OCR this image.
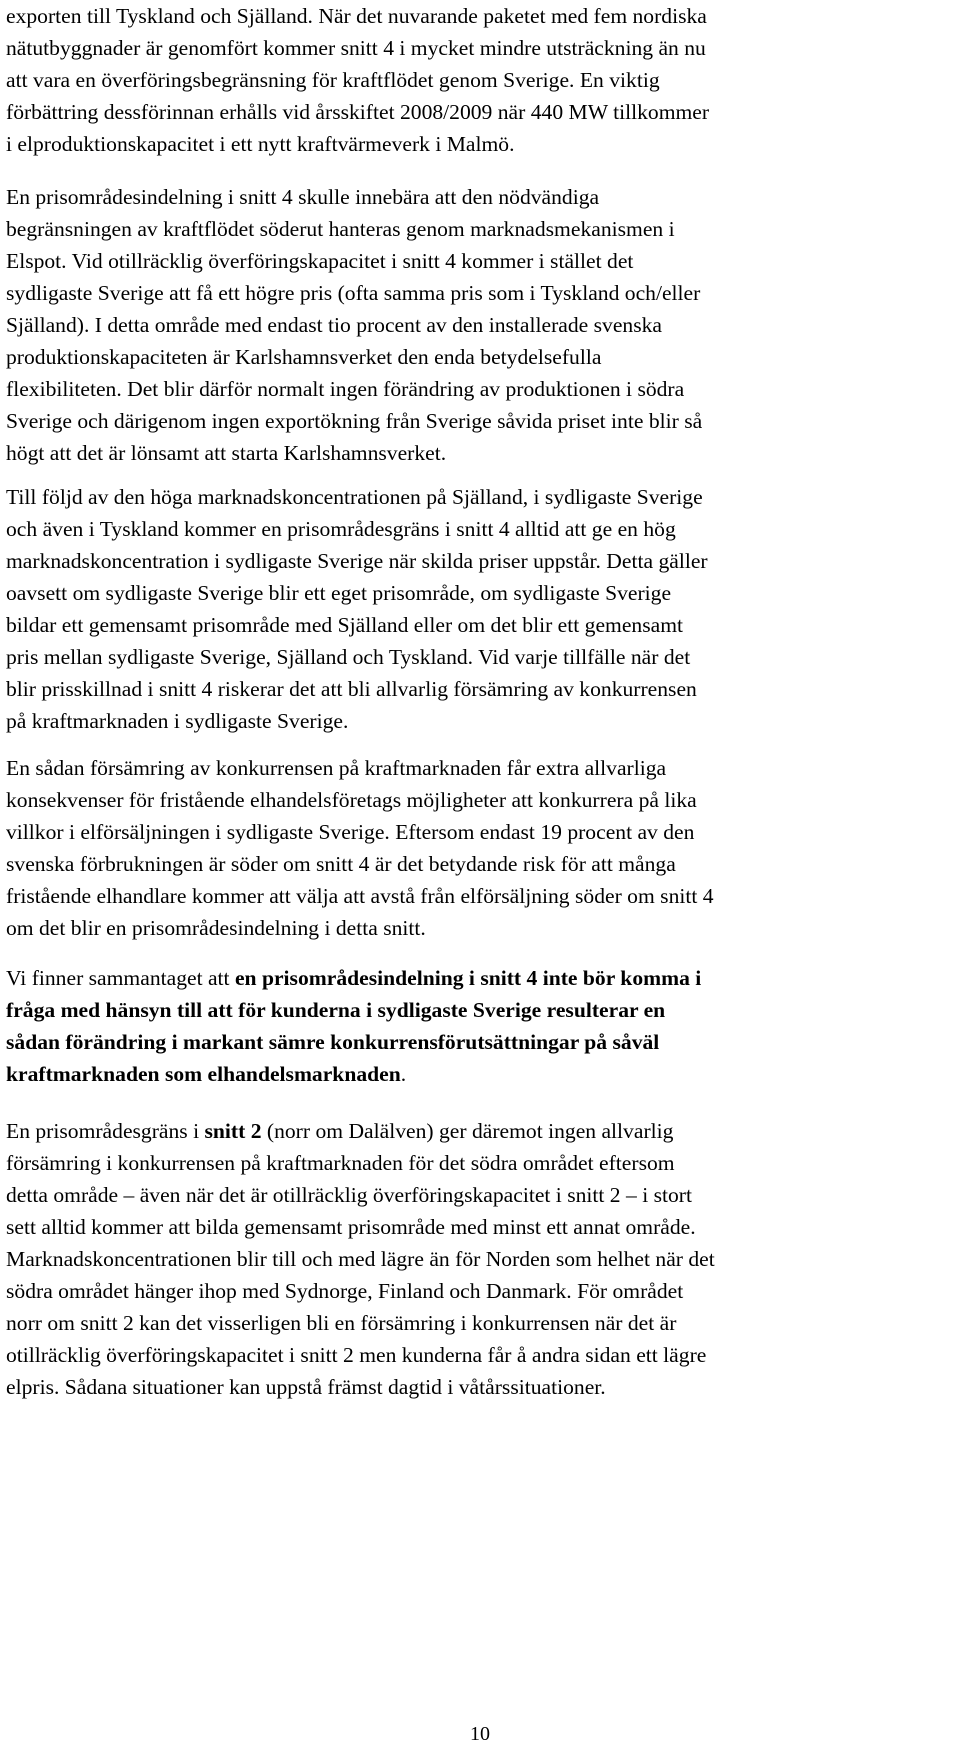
exporten till Tyskland och Själland. När det nuvarande paketet med fem nordiska
nätutbyggnader är genomfört kommer snitt 4 i mycket mindre utsträckning än nu
att vara en överföringsbegränsning för kraftflödet genom Sverige. En viktig
förbättring dessförinnan erhålls vid årsskiftet 2008/2009 när 440 MW tillkommer
i elproduktionskapacitet i ett nytt kraftvärmeverk i Malmö.

En prisområdesindelning i snitt 4 skulle innebära att den nödvändiga
begränsningen av kraftflödet söderut hanteras genom marknadsmekanismen i
Elspot. Vid otillräcklig överföringskapacitet i snitt 4 kommer i stället det
sydligaste Sverige att få ett högre pris (ofta samma pris som i Tyskland och/eller
Själland). I detta område med endast tio procent av den installerade svenska
produktionskapaciteten är Karlshamnsverket den enda betydelsefulla
flexibiliteten. Det blir därför normalt ingen förändring av produktionen i södra
Sverige och därigenom ingen exportökning från Sverige såvida priset inte blir så
högt att det är lönsamt att starta Karlshamnsverket.

Till följd av den höga marknadskoncentrationen på Själland, i sydligaste Sverige
och även i Tyskland kommer en prisområdesgräns i snitt 4 alltid att ge en hög
marknadskoncentration i sydligaste Sverige när skilda priser uppstår. Detta gäller
oavsett om sydligaste Sverige blir ett eget prisområde, om sydligaste Sverige
bildar ett gemensamt prisområde med Själland eller om det blir ett gemensamt
pris mellan sydligaste Sverige, Själland och Tyskland. Vid varje tillfälle när det
blir prisskillnad i snitt 4 riskerar det att bli allvarlig försämring av konkurrensen
på kraftmarknaden i sydligaste Sverige.

En sådan försämring av konkurrensen på kraftmarknaden får extra allvarliga
konsekvenser för fristående elhandelsföretags möjligheter att konkurrera på lika
villkor i elförsäljningen i sydligaste Sverige. Eftersom endast 19 procent av den
svenska förbrukningen är söder om snitt 4 är det betydande risk för att många
fristående elhandlare kommer att välja att avstå från elförsäljning söder om snitt 4
om det blir en prisområdesindelning i detta snitt.

Vi finner sammantaget att en prisområdesindelning i snitt 4 inte bör komma i
fråga med hänsyn till att för kunderna i sydligaste Sverige resulterar en
sådan förändring i markant sämre konkurrensförutsättningar på såväl
kraftmarknaden som elhandelsmarknaden.

En prisområdesgräns i snitt 2 (norr om Dalälven) ger däremot ingen allvarlig
försämring i konkurrensen på kraftmarknaden för det södra området eftersom
detta område – även när det är otillräcklig överföringskapacitet i snitt 2 – i stort
sett alltid kommer att bilda gemensamt prisområde med minst ett annat område.
Marknadskoncentrationen blir till och med lägre än för Norden som helhet när det
södra området hänger ihop med Sydnorge, Finland och Danmark. För området
norr om snitt 2 kan det visserligen bli en försämring i konkurrensen när det är
otillräcklig överföringskapacitet i snitt 2 men kunderna får å andra sidan ett lägre
elpris. Sådana situationer kan uppstå främst dagtid i våtårssituationer.

10
